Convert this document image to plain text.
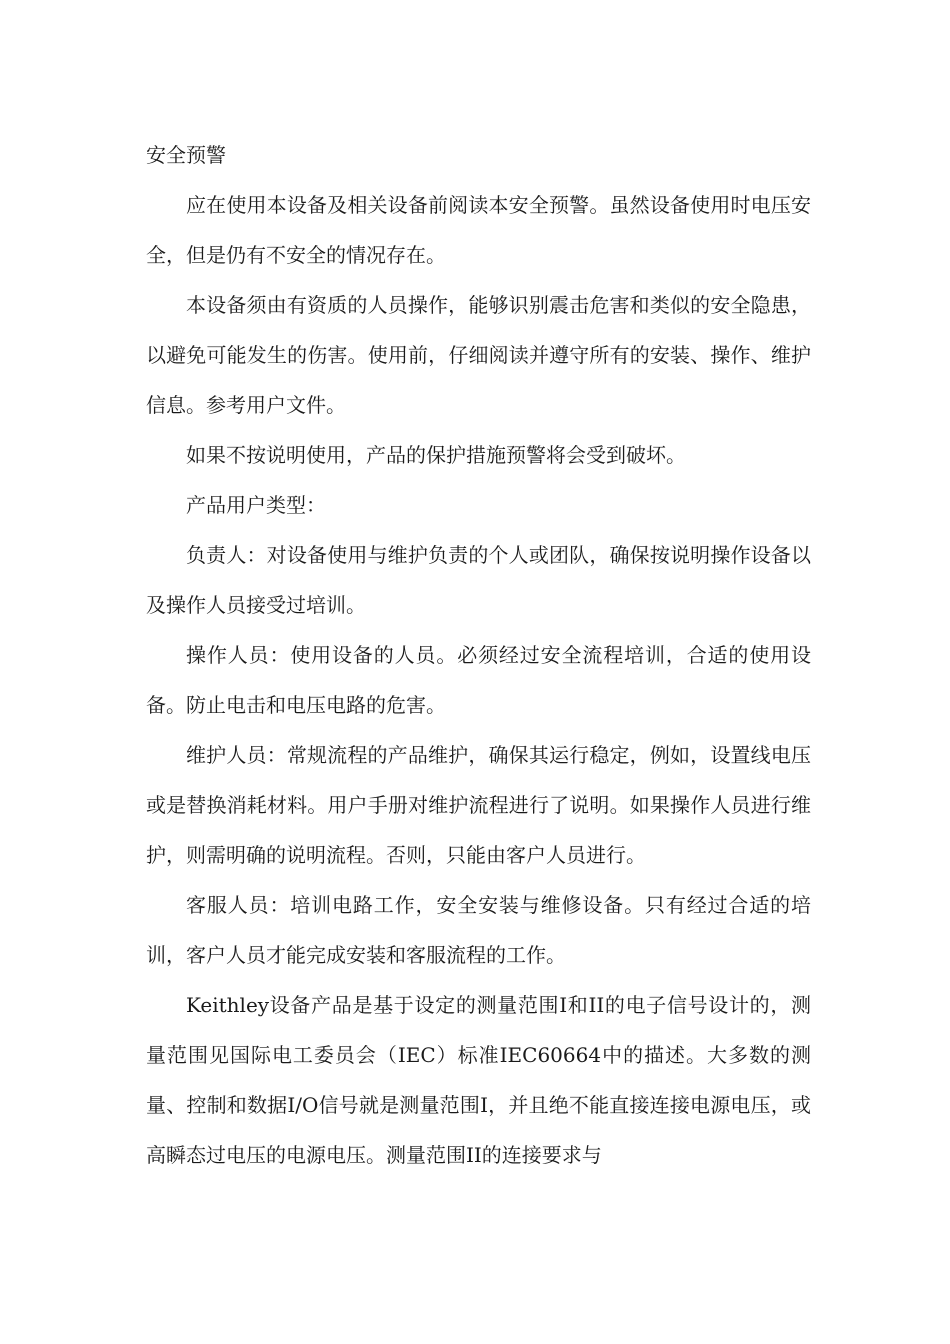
安全预警

应在使用本设备及相关设备前阅读本安全预警。虽然设备使用时电压安全，但是仍有不安全的情况存在。

本设备须由有资质的人员操作，能够识别震击危害和类似的安全隐患，以避免可能发生的伤害。使用前，仔细阅读并遵守所有的安装、操作、维护信息。参考用户文件。

如果不按说明使用，产品的保护措施预警将会受到破坏。

产品用户类型：

负责人：对设备使用与维护负责的个人或团队，确保按说明操作设备以及操作人员接受过培训。

操作人员：使用设备的人员。必须经过安全流程培训，合适的使用设备。防止电击和电压电路的危害。

维护人员：常规流程的产品维护，确保其运行稳定，例如，设置线电压或是替换消耗材料。用户手册对维护流程进行了说明。如果操作人员进行维护，则需明确的说明流程。否则，只能由客户人员进行。

客服人员：培训电路工作，安全安装与维修设备。只有经过合适的培训，客户人员才能完成安装和客服流程的工作。

Keithley设备产品是基于设定的测量范围I和II的电子信号设计的，测量范围见国际电工委员会（IEC）标准IEC60664中的描述。大多数的测量、控制和数据I/O信号就是测量范围I，并且绝不能直接连接电源电压，或高瞬态过电压的电源电压。测量范围II的连接要求与
